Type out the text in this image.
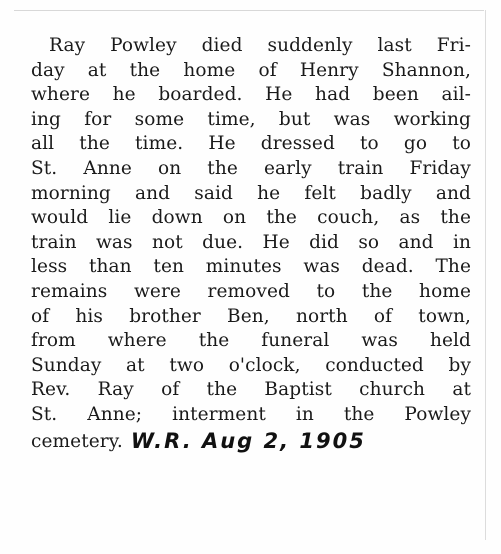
Ray Powley died suddenly last Fri-
day at the home of Henry Shannon,
where he boarded. He had been ail-
ing for some time, but was working
all the time. He dressed to go to
St. Anne on the early train Friday
morning and said he felt badly and
would lie down on the couch, as the
train was not due. He did so and in
less than ten minutes was dead. The
remains were removed to the home
of his brother Ben, north of town,
from where the funeral was held
Sunday at two o'clock, conducted by
Rev. Ray of the Baptist church at
St. Anne; interment in the Powley
cemetery. W.R. Aug 2, 1905
